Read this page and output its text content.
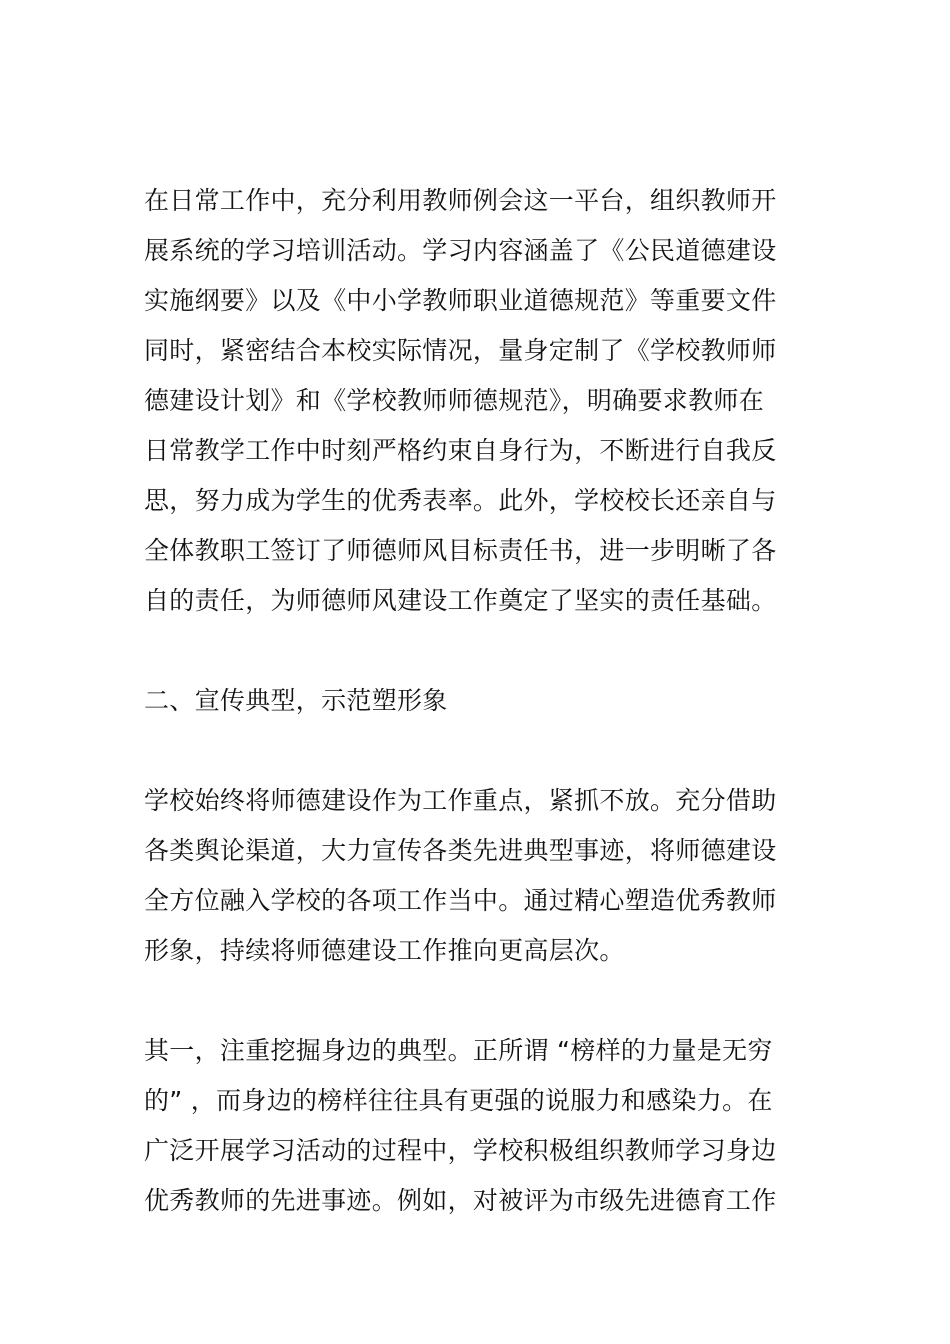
在日常工作中，充分利用教师例会这一平台，组织教师开
展系统的学习培训活动。学习内容涵盖了《公民道德建设
实施纲要》以及《中小学教师职业道德规范》等重要文件
同时，紧密结合本校实际情况，量身定制了《学校教师师
德建设计划》和《学校教师师德规范》，明确要求教师在
日常教学工作中时刻严格约束自身行为，不断进行自我反
思，努力成为学生的优秀表率。此外，学校校长还亲自与
全体教职工签订了师德师风目标责任书，进一步明晰了各
自的责任，为师德师风建设工作奠定了坚实的责任基础。
二、宣传典型，示范塑形象
学校始终将师德建设作为工作重点，紧抓不放。充分借助
各类舆论渠道，大力宣传各类先进典型事迹，将师德建设
全方位融入学校的各项工作当中。通过精心塑造优秀教师
形象，持续将师德建设工作推向更高层次。
其一，注重挖掘身边的典型。正所谓 “榜样的力量是无穷
的” ，而身边的榜样往往具有更强的说服力和感染力。在
广泛开展学习活动的过程中，学校积极组织教师学习身边
优秀教师的先进事迹。例如，对被评为市级先进德育工作
